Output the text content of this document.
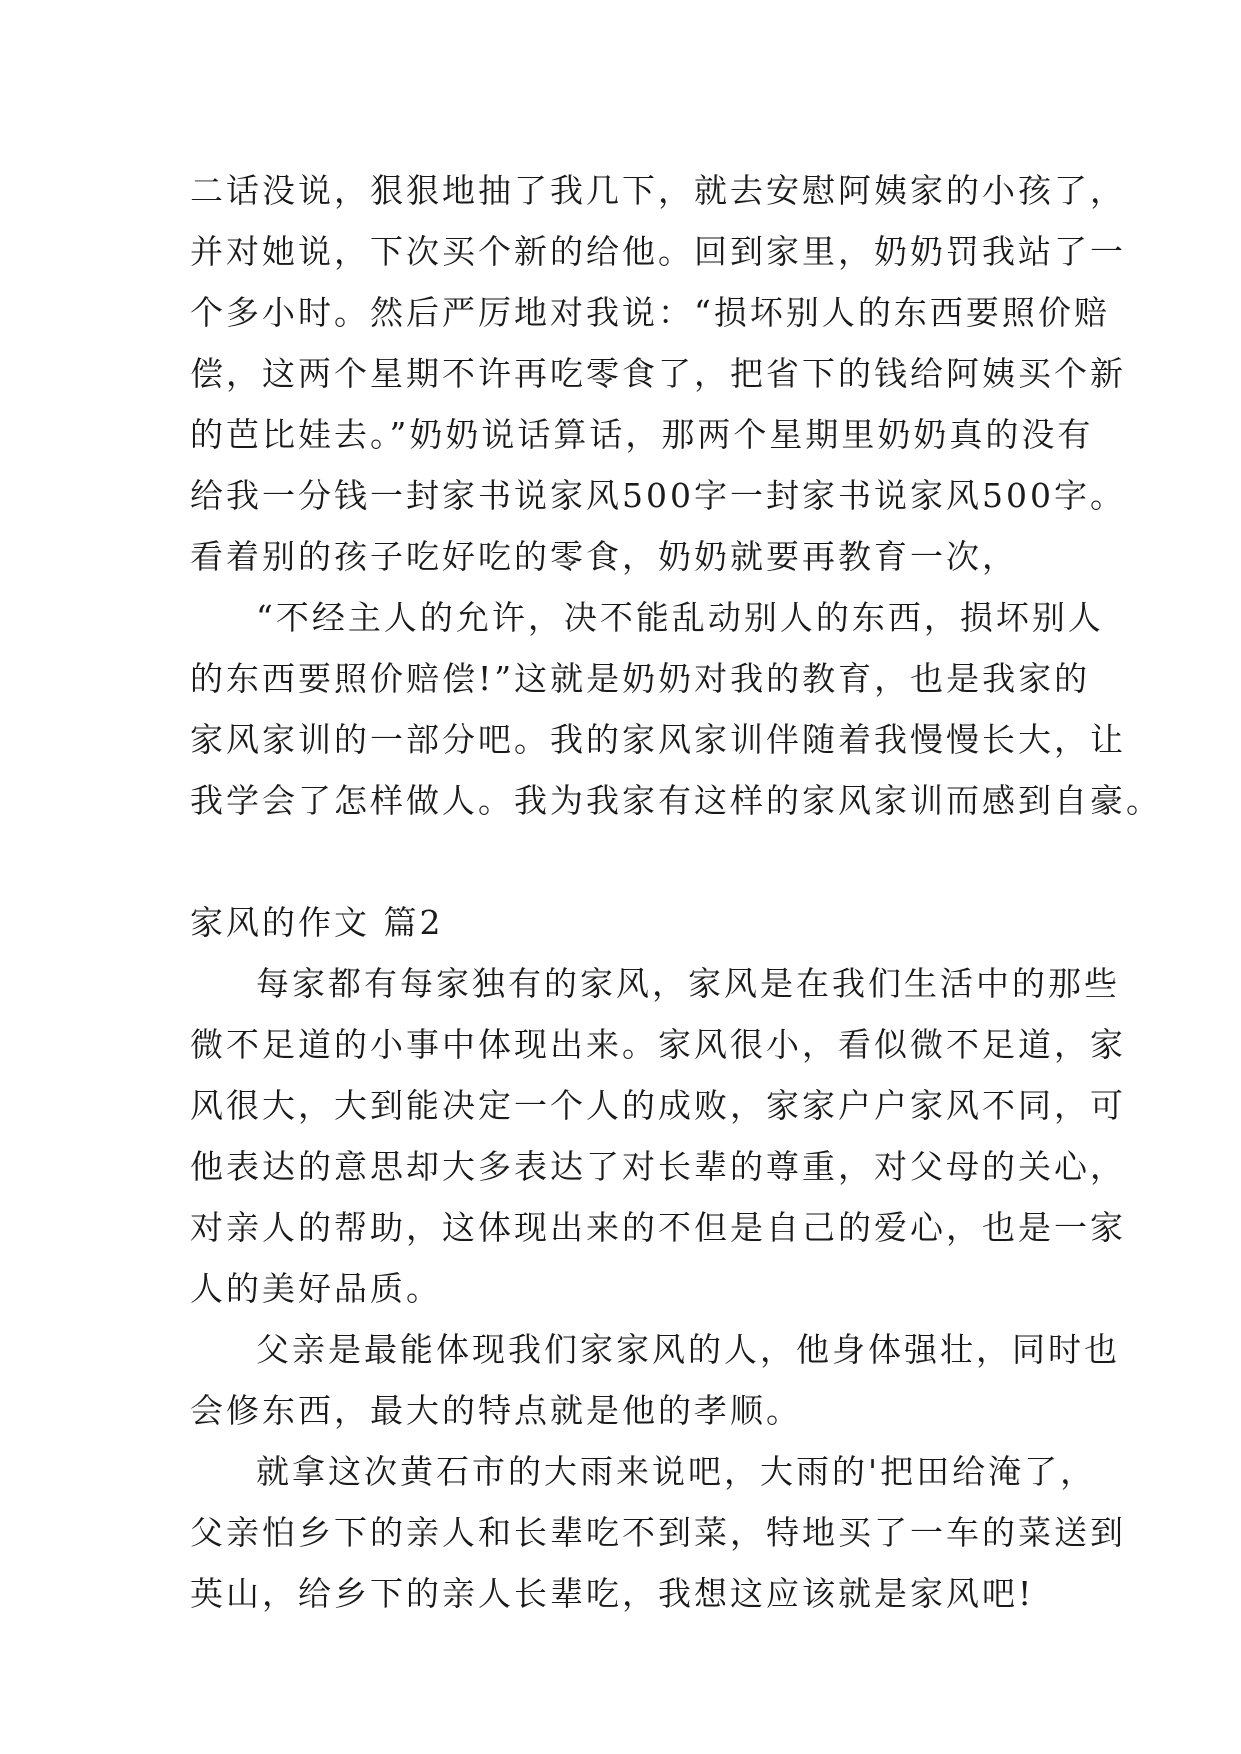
二话没说，狠狠地抽了我几下，就去安慰阿姨家的小孩了，
并对她说，下次买个新的给他。回到家里，奶奶罚我站了一
个多小时。然后严厉地对我说：“损坏别人的东西要照价赔
偿，这两个星期不许再吃零食了，把省下的钱给阿姨买个新
的芭比娃去。”奶奶说话算话，那两个星期里奶奶真的没有
给我一分钱一封家书说家风500字一封家书说家风500字。
看着别的孩子吃好吃的零食，奶奶就要再教育一次，
“不经主人的允许，决不能乱动别人的东西，损坏别人
的东西要照价赔偿!”这就是奶奶对我的教育，也是我家的
家风家训的一部分吧。我的家风家训伴随着我慢慢长大，让
我学会了怎样做人。我为我家有这样的家风家训而感到自豪。
家风的作文 篇2
每家都有每家独有的家风，家风是在我们生活中的那些
微不足道的小事中体现出来。家风很小，看似微不足道，家
风很大，大到能决定一个人的成败，家家户户家风不同，可
他表达的意思却大多表达了对长辈的尊重，对父母的关心，
对亲人的帮助，这体现出来的不但是自己的爱心，也是一家
人的美好品质。
父亲是最能体现我们家家风的人，他身体强壮，同时也
会修东西，最大的特点就是他的孝顺。
就拿这次黄石市的大雨来说吧，大雨的'把田给淹了，
父亲怕乡下的亲人和长辈吃不到菜，特地买了一车的菜送到
英山，给乡下的亲人长辈吃，我想这应该就是家风吧!
